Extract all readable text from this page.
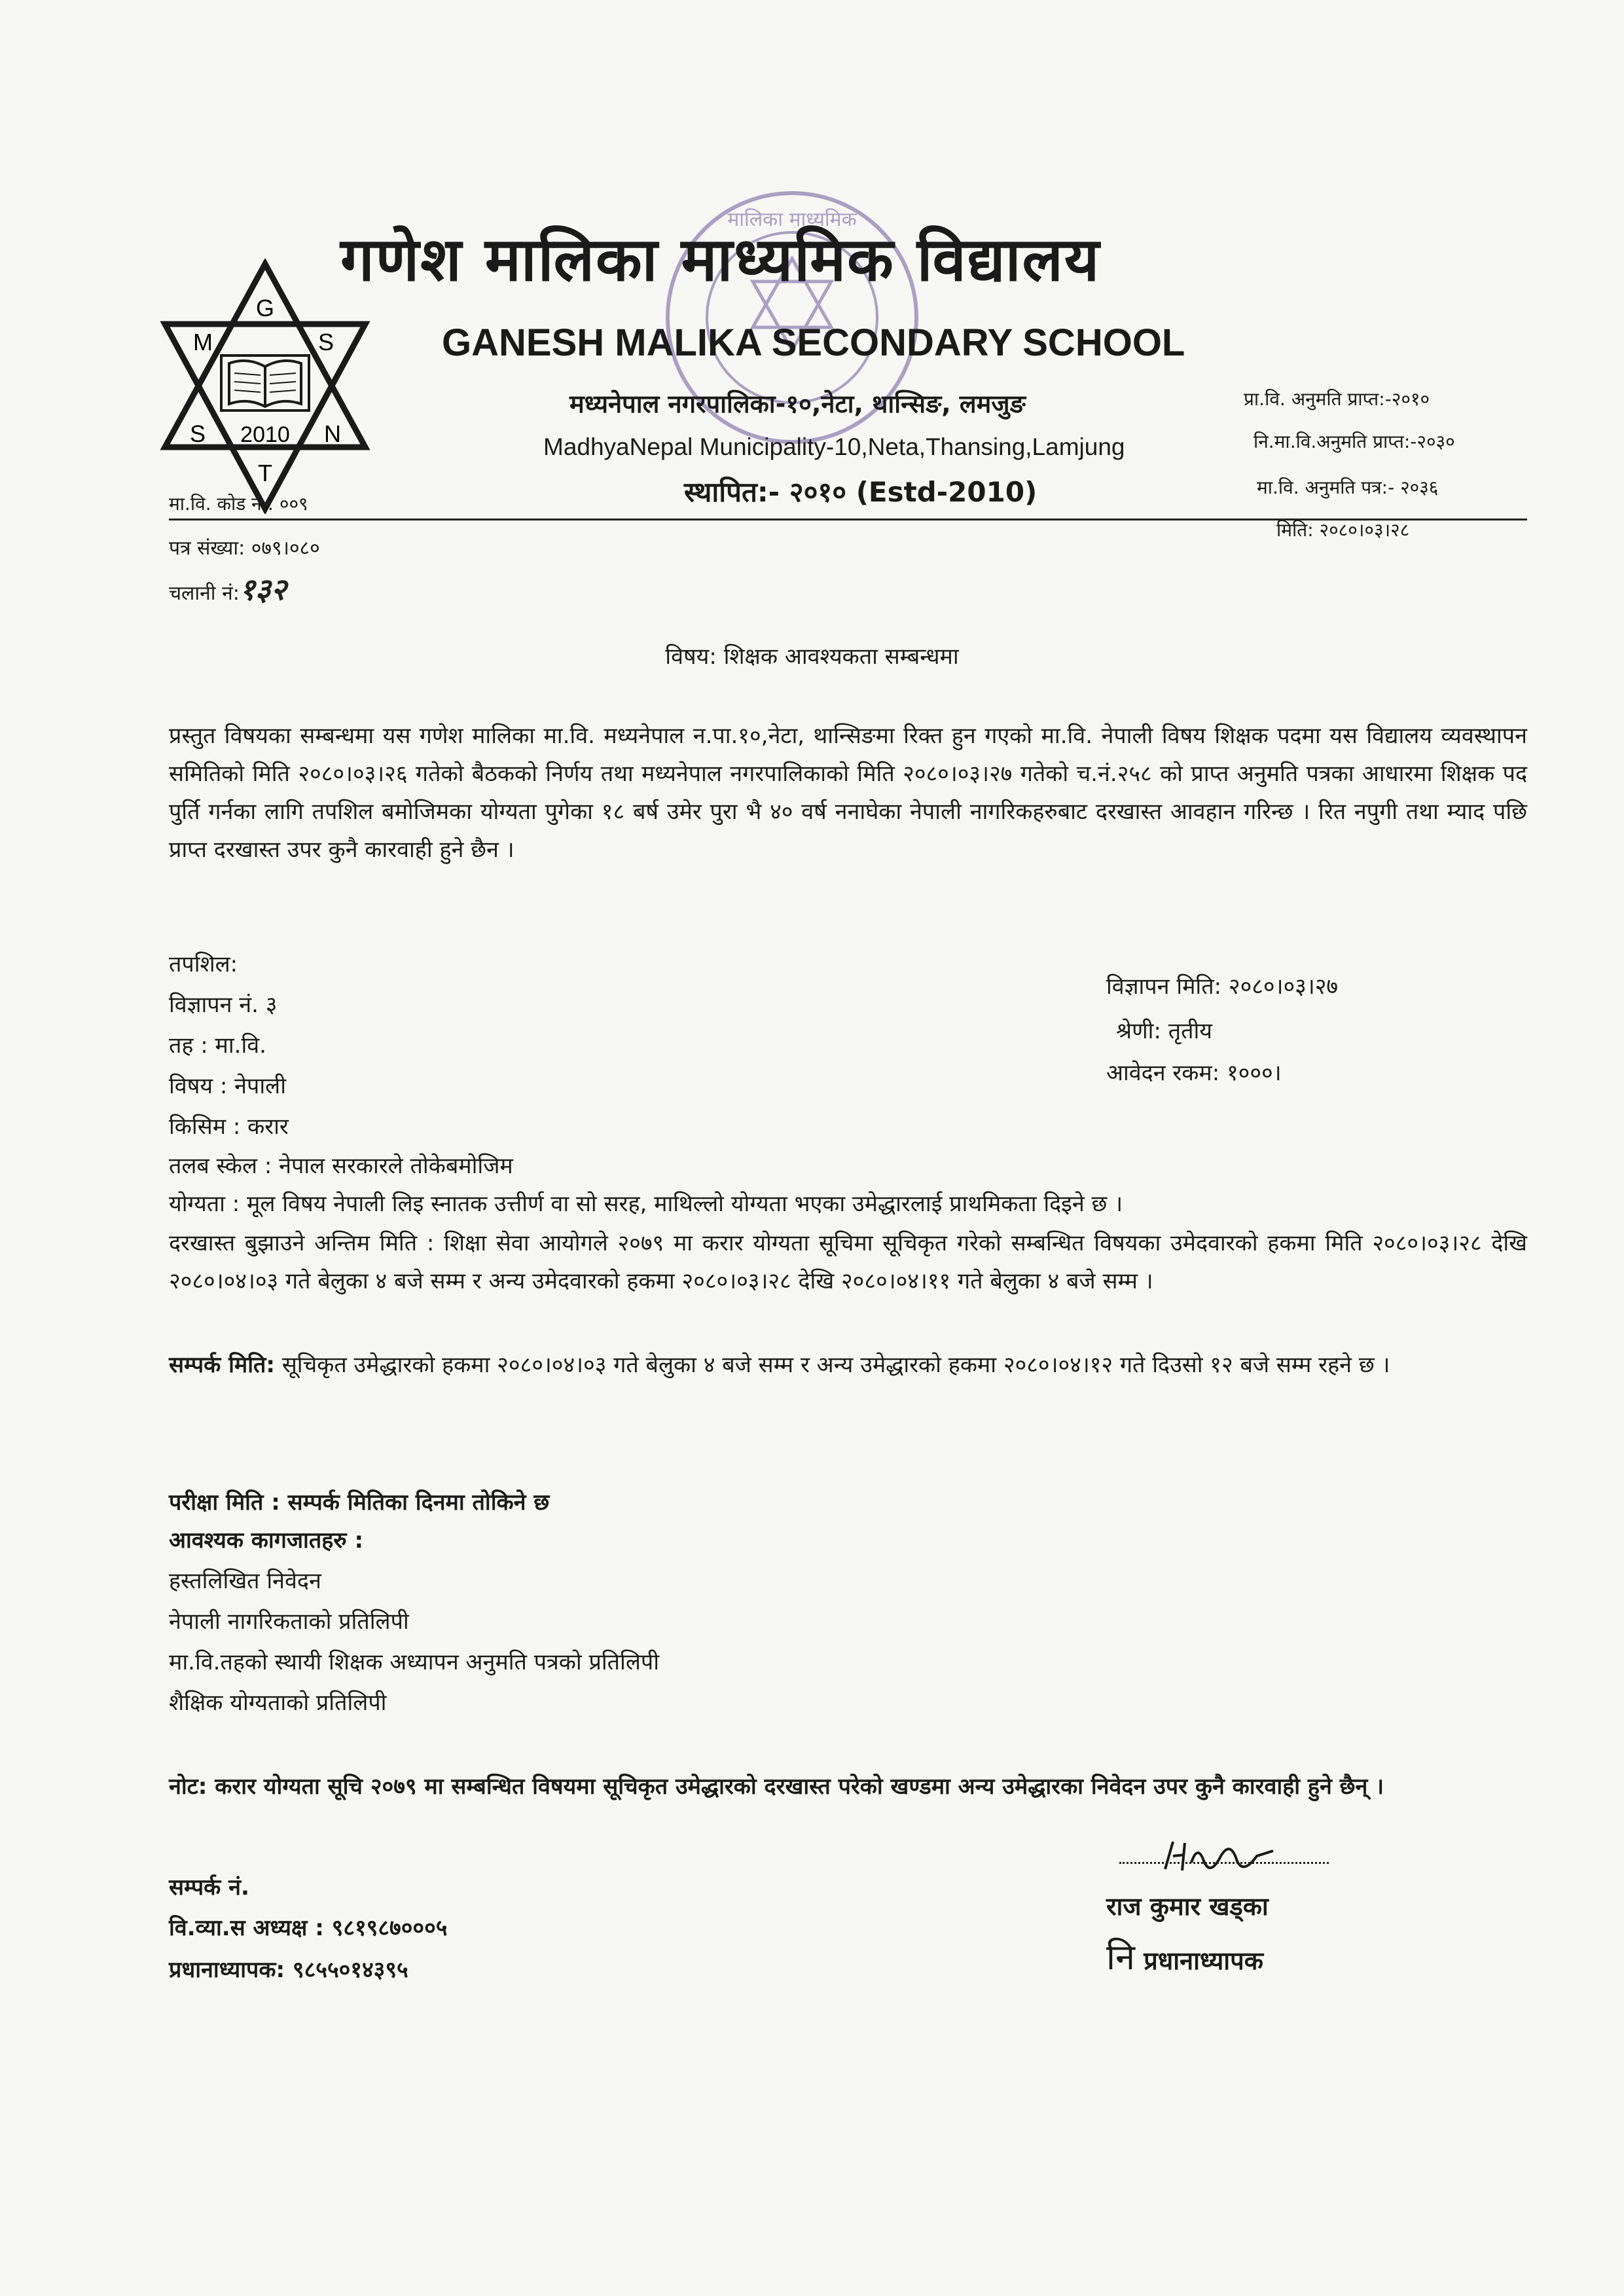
G
M	S
S	N
T
2010
मालिका माध्यमिक
गणेश मालिका माध्यमिक विद्यालय
GANESH MALIKA SECONDARY SCHOOL
मध्यनेपाल नगरपालिका-१०,नेटा, थान्सिङ, लमजुङ
MadhyaNepal Municipality-10,Neta,Thansing,Lamjung
स्थापित:- २०१० (Estd-2010)
प्रा.वि. अनुमति प्राप्त:-२०१०
नि.मा.वि.अनुमति प्राप्त:-२०३०
मा.वि. अनुमति पत्र:- २०३६
मा.वि. कोड नं.: ००९
मिति: २०८०।०३।२८
पत्र संख्या: ०७९।०८०
चलानी नं:१३२
विषय: शिक्षक आवश्यकता सम्बन्धमा
प्रस्तुत विषयका सम्बन्धमा यस गणेश मालिका मा.वि. मध्यनेपाल न.पा.१०,नेटा, थान्सिङमा रिक्त हुन गएको मा.वि. नेपाली विषय शिक्षक पदमा यस विद्यालय व्यवस्थापन समितिको मिति २०८०।०३।२६ गतेको बैठकको निर्णय तथा मध्यनेपाल नगरपालिकाको मिति २०८०।०३।२७ गतेको च.नं.२५८ को प्राप्त अनुमति पत्रका आधारमा शिक्षक पद पुर्ति गर्नका लागि तपशिल बमोजिमका योग्यता पुगेका १८ बर्ष उमेर पुरा भै ४० वर्ष ननाघेका नेपाली नागरिकहरुबाट दरखास्त आवहान गरिन्छ । रित नपुगी तथा म्याद पछि प्राप्त दरखास्त उपर कुनै कारवाही हुने छैन ।
तपशिल:
विज्ञापन नं. ३
तह : मा.वि.
विषय : नेपाली
किसिम : करार
तलब स्केल : नेपाल सरकारले तोकेबमोजिम
विज्ञापन मिति: २०८०।०३।२७
श्रेणी: तृतीय
आवेदन रकम: १०००।
योग्यता : मूल विषय नेपाली लिइ स्नातक उत्तीर्ण वा सो सरह, माथिल्लो योग्यता भएका उमेद्धारलाई प्राथमिकता दिइने छ ।
दरखास्त बुझाउने अन्तिम मिति : शिक्षा सेवा आयोगले २०७९ मा करार योग्यता सूचिमा सूचिकृत गरेको सम्बन्धित विषयका उमेदवारको हकमा मिति २०८०।०३।२८ देखि २०८०।०४।०३ गते बेलुका ४ बजे सम्म र अन्य उमेदवारको हकमा २०८०।०३।२८ देखि २०८०।०४।११ गते बेलुका ४ बजे सम्म ।
सम्पर्क मिति: सूचिकृत उमेद्धारको हकमा २०८०।०४।०३ गते बेलुका ४ बजे सम्म र अन्य उमेद्धारको हकमा २०८०।०४।१२ गते दिउसो १२ बजे सम्म रहने छ ।
परीक्षा मिति : सम्पर्क मितिका दिनमा तोकिने छ
आवश्यक कागजातहरु :
हस्तलिखित निवेदन
नेपाली नागरिकताको प्रतिलिपी
मा.वि.तहको स्थायी शिक्षक अध्यापन अनुमति पत्रको प्रतिलिपी
शैक्षिक योग्यताको प्रतिलिपी
नोट: करार योग्यता सूचि २०७९ मा सम्बन्धित विषयमा सूचिकृत उमेद्धारको दरखास्त परेको खण्डमा अन्य उमेद्धारका निवेदन उपर कुनै कारवाही हुने छैन् ।
सम्पर्क नं.
वि.व्या.स अध्यक्ष : ९८१९८७०००५
प्रधानाध्यापक: ९८५५०१४३९५
राज कुमार खड्का
नि प्रधानाध्यापक
